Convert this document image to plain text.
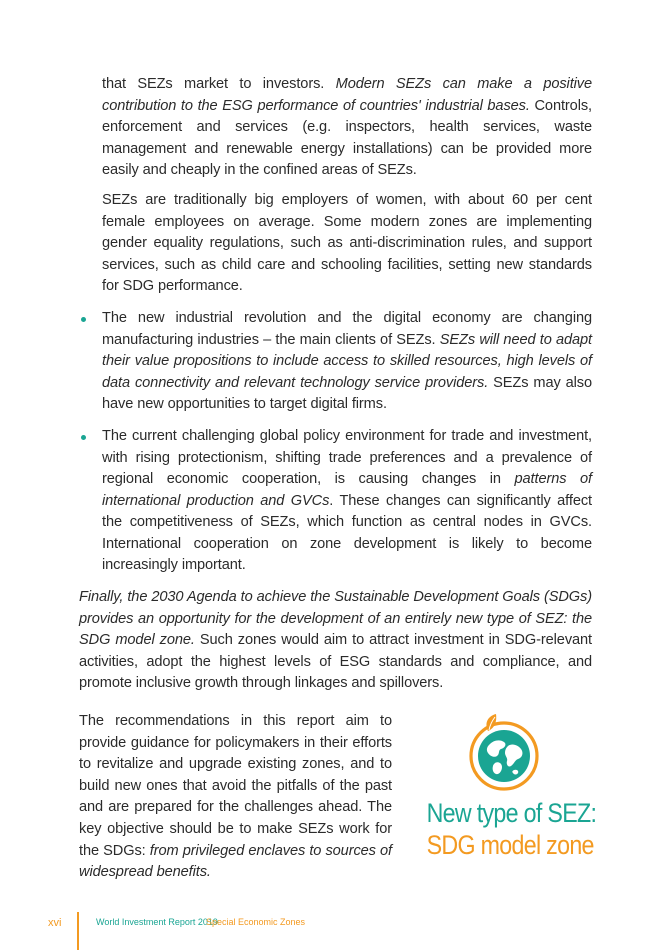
that SEZs market to investors. Modern SEZs can make a positive contribution to the ESG performance of countries' industrial bases. Controls, enforcement and services (e.g. inspectors, health services, waste management and renewable energy installations) can be provided more easily and cheaply in the confined areas of SEZs.

SEZs are traditionally big employers of women, with about 60 per cent female employees on average. Some modern zones are implementing gender equality regulations, such as anti-discrimination rules, and support services, such as child care and schooling facilities, setting new standards for SDG performance.

The new industrial revolution and the digital economy are changing manufacturing industries – the main clients of SEZs. SEZs will need to adapt their value propositions to include access to skilled resources, high levels of data connectivity and relevant technology service providers. SEZs may also have new opportunities to target digital firms.

The current challenging global policy environment for trade and investment, with rising protectionism, shifting trade preferences and a prevalence of regional economic cooperation, is causing changes in patterns of international production and GVCs. These changes can significantly affect the competitiveness of SEZs, which function as central nodes in GVCs. International cooperation on zone development is likely to become increasingly important.

Finally, the 2030 Agenda to achieve the Sustainable Development Goals (SDGs) provides an opportunity for the development of an entirely new type of SEZ: the SDG model zone. Such zones would aim to attract investment in SDG-relevant activities, adopt the highest levels of ESG standards and compliance, and promote inclusive growth through linkages and spillovers.

The recommendations in this report aim to provide guidance for policymakers in their efforts to revitalize and upgrade existing zones, and to build new ones that avoid the pitfalls of the past and are prepared for the challenges ahead. The key objective should be to make SEZs work for the SDGs: from privileged enclaves to sources of widespread benefits.

New type of SEZ:
SDG model zone
xvi	World Investment Report 2019
Special Economic Zones
